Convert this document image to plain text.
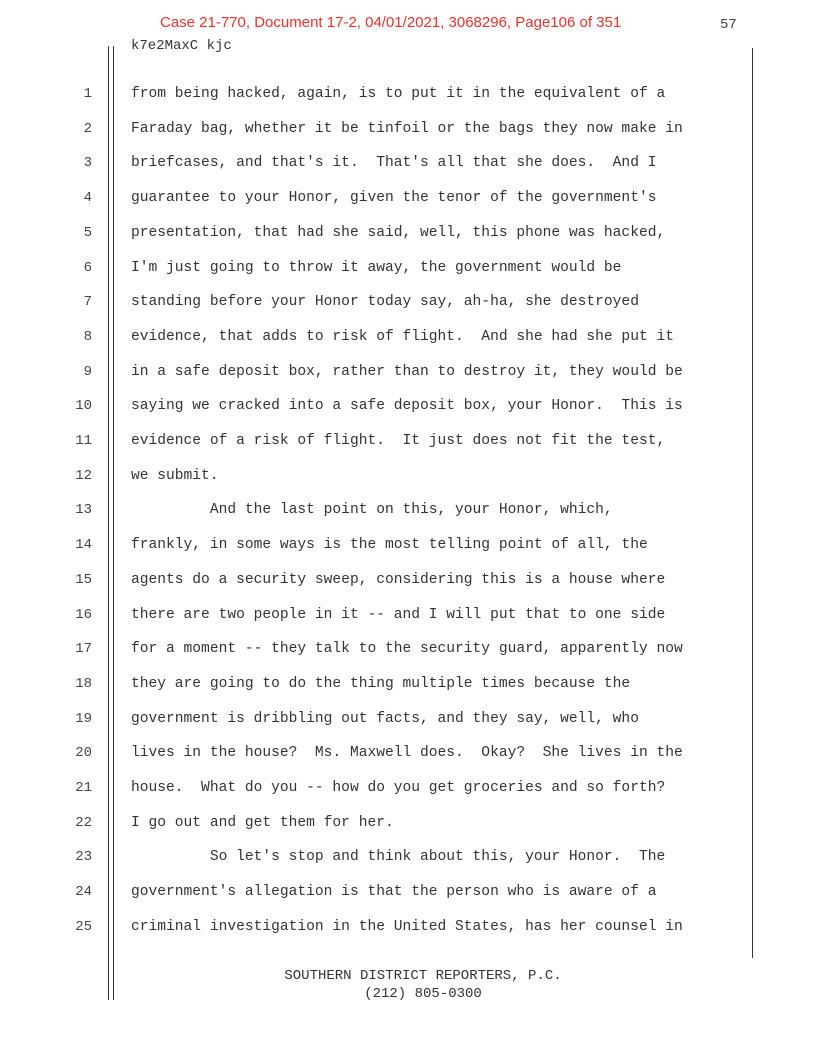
Case 21-770, Document 17-2, 04/01/2021, 3068296, Page106 of 351	57
k7e2MaxC kjc
1	from being hacked, again, is to put it in the equivalent of a
2	Faraday bag, whether it be tinfoil or the bags they now make in
3	briefcases, and that's it.  That's all that she does.  And I
4	guarantee to your Honor, given the tenor of the government's
5	presentation, that had she said, well, this phone was hacked,
6	I'm just going to throw it away, the government would be
7	standing before your Honor today say, ah-ha, she destroyed
8	evidence, that adds to risk of flight.  And she had she put it
9	in a safe deposit box, rather than to destroy it, they would be
10	saying we cracked into a safe deposit box, your Honor.  This is
11	evidence of a risk of flight.  It just does not fit the test,
12	we submit.
13	And the last point on this, your Honor, which,
14	frankly, in some ways is the most telling point of all, the
15	agents do a security sweep, considering this is a house where
16	there are two people in it -- and I will put that to one side
17	for a moment -- they talk to the security guard, apparently now
18	they are going to do the thing multiple times because the
19	government is dribbling out facts, and they say, well, who
20	lives in the house?  Ms. Maxwell does.  Okay?  She lives in the
21	house.  What do you -- how do you get groceries and so forth?
22	I go out and get them for her.
23	So let's stop and think about this, your Honor.  The
24	government's allegation is that the person who is aware of a
25	criminal investigation in the United States, has her counsel in
SOUTHERN DISTRICT REPORTERS, P.C.
(212) 805-0300
